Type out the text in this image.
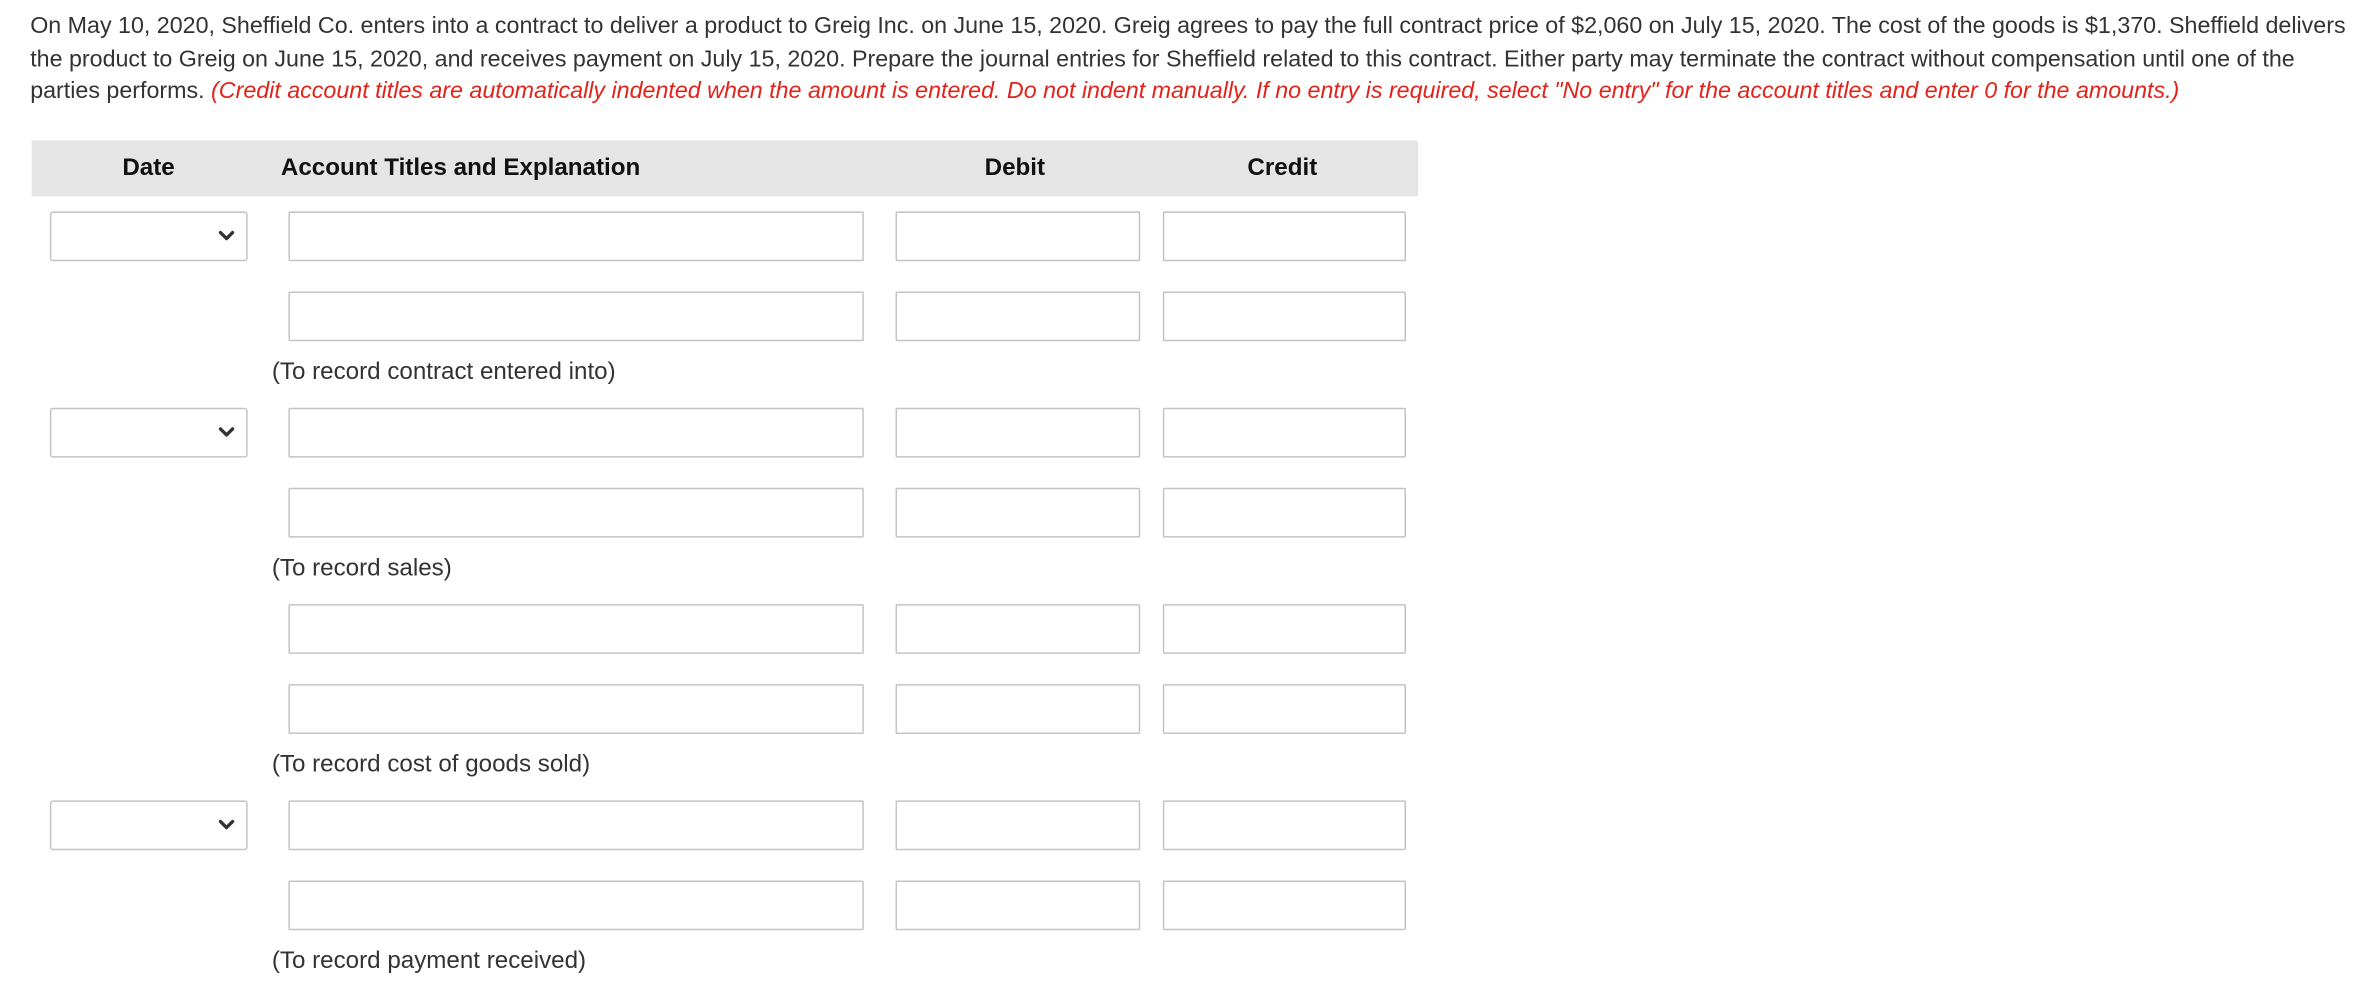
On May 10, 2020, Sheffield Co. enters into a contract to deliver a product to Greig Inc. on June 15, 2020. Greig agrees to pay the full contract price of $2,060 on July 15, 2020. The cost of the goods is $1,370. Sheffield delivers the product to Greig on June 15, 2020, and receives payment on July 15, 2020. Prepare the journal entries for Sheffield related to this contract. Either party may terminate the contract without compensation until one of the parties performs. (Credit account titles are automatically indented when the amount is entered. Do not indent manually. If no entry is required, select "No entry" for the account titles and enter 0 for the amounts.)
Date	Account Titles and Explanation	Debit	Credit
(To record contract entered into)
(To record sales)
(To record cost of goods sold)
(To record payment received)
